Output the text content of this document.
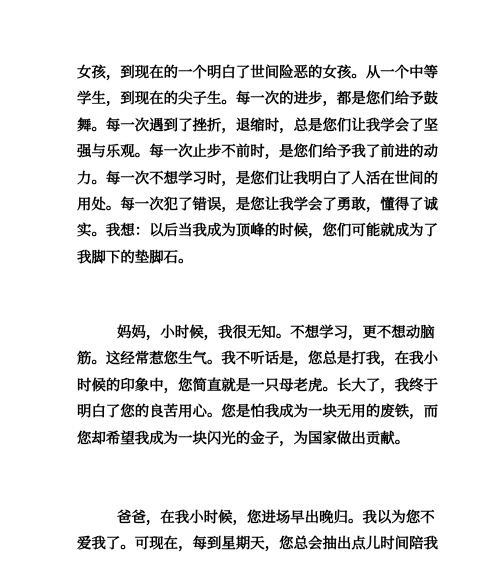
女孩，到现在的一个明白了世间险恶的女孩。从一个中等
学生，到现在的尖子生。每一次的进步，都是您们给予鼓
舞。每一次遇到了挫折，退缩时，总是您们让我学会了坚
强与乐观。每一次止步不前时，是您们给予我了前进的动
力。每一次不想学习时，是您们让我明白了人活在世间的
用处。每一次犯了错误，是您让我学会了勇敢，懂得了诚
实。我想：以后当我成为顶峰的时候，您们可能就成为了
我脚下的垫脚石。
妈妈，小时候，我很无知。不想学习，更不想动脑
筋。这经常惹您生气。我不听话是，您总是打我，在我小
时候的印象中，您简直就是一只母老虎。长大了，我终于
明白了您的良苦用心。您是怕我成为一块无用的废铁，而
您却希望我成为一块闪光的金子，为国家做出贡献。
爸爸，在我小时候，您进场早出晚归。我以为您不
爱我了。可现在，每到星期天，您总会抽出点儿时间陪我
